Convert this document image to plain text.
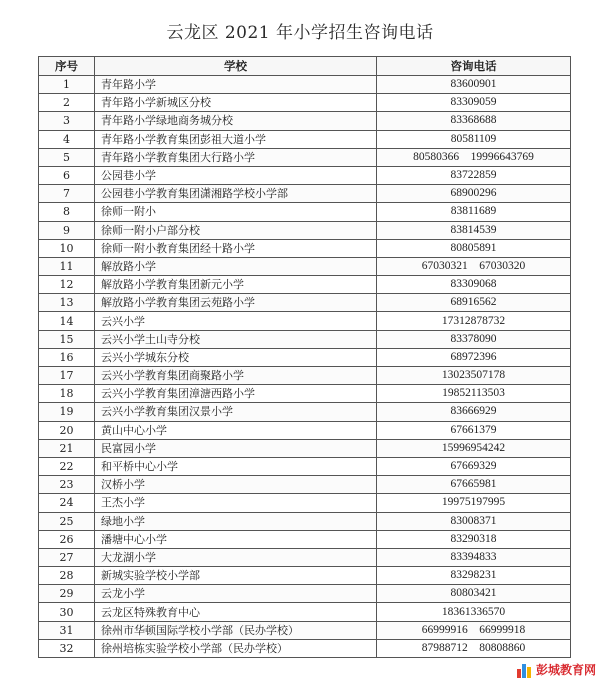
云龙区 2021 年小学招生咨询电话
序号	学校	咨询电话
1	青年路小学	83600901
2	青年路小学新城区分校	83309059
3	青年路小学绿地商务城分校	83368688
4	青年路小学教育集团彭祖大道小学	80581109
5	青年路小学教育集团大行路小学	80580366　19996643769
6	公园巷小学	83722859
7	公园巷小学教育集团潇湘路学校小学部	68900296
8	徐师一附小	83811689
9	徐师一附小户部分校	83814539
10	徐师一附小教育集团经十路小学	80805891
11	解放路小学	67030321　67030320
12	解放路小学教育集团新元小学	83309068
13	解放路小学教育集团云苑路小学	68916562
14	云兴小学	17312878732
15	云兴小学土山寺分校	83378090
16	云兴小学城东分校	68972396
17	云兴小学教育集团商聚路小学	13023507178
18	云兴小学教育集团漳溏西路小学	19852113503
19	云兴小学教育集团汉景小学	83666929
20	黄山中心小学	67661379
21	民富园小学	15996954242
22	和平桥中心小学	67669329
23	汉桥小学	67665981
24	王杰小学	19975197995
25	绿地小学	83008371
26	潘塘中心小学	83290318
27	大龙湖小学	83394833
28	新城实验学校小学部	83298231
29	云龙小学	80803421
30	云龙区特殊教育中心	18361336570
31	徐州市华顿国际学校小学部（民办学校）	66999916　66999918
32	徐州培栋实验学校小学部（民办学校）	87988712　80808860
彭城教育网
